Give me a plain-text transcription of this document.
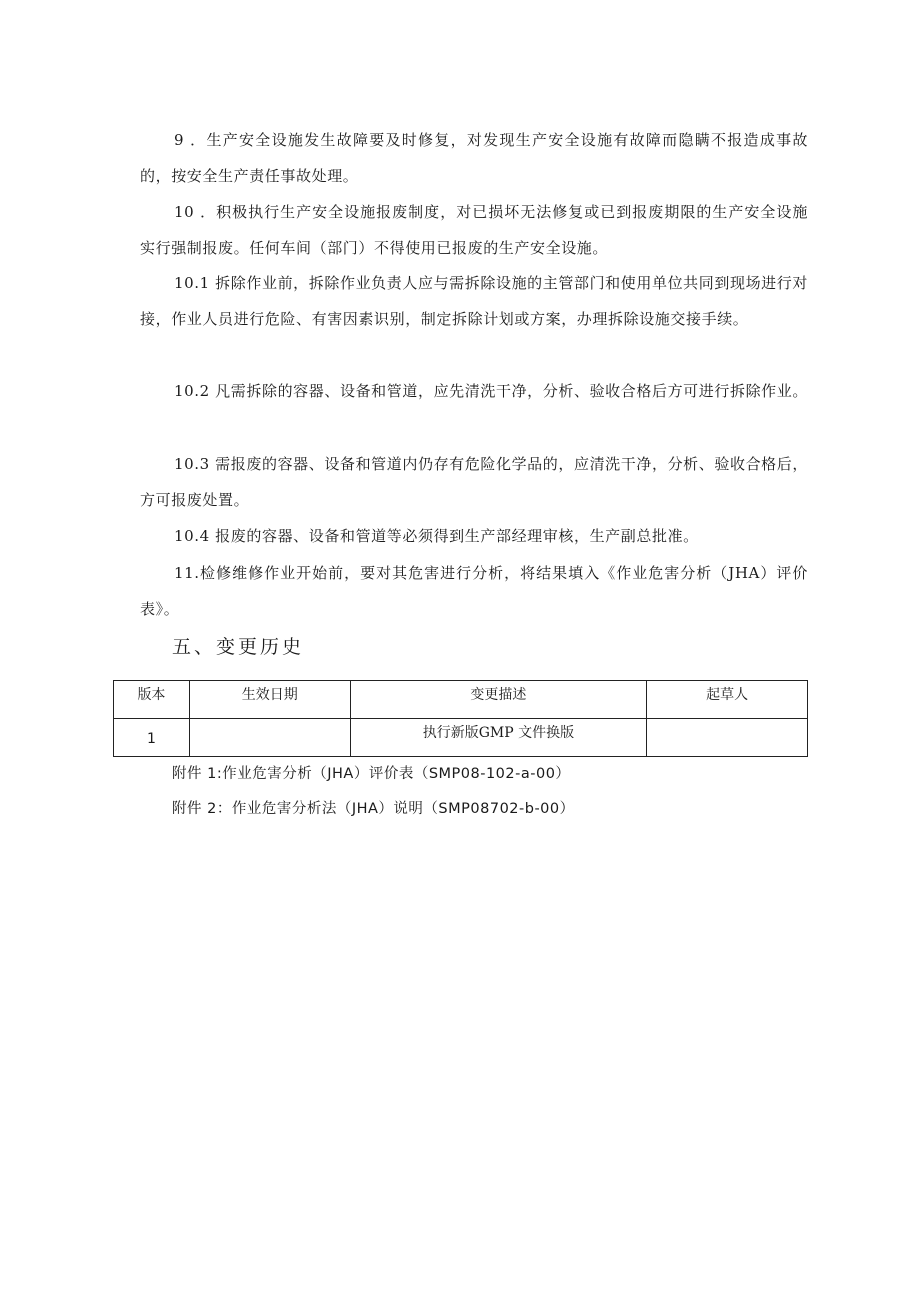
9 ．生产安全设施发生故障要及时修复，对发现生产安全设施有故障而隐瞒不报造成事故的，按安全生产责任事故处理。

10 ．积极执行生产安全设施报废制度，对已损坏无法修复或已到报废期限的生产安全设施实行强制报废。任何车间（部门）不得使用已报废的生产安全设施。

10.1 拆除作业前，拆除作业负责人应与需拆除设施的主管部门和使用单位共同到现场进行对接，作业人员进行危险、有害因素识别，制定拆除计划或方案，办理拆除设施交接手续。

10.2 凡需拆除的容器、设备和管道，应先清洗干净，分析、验收合格后方可进行拆除作业。

10.3 需报废的容器、设备和管道内仍存有危险化学品的，应清洗干净，分析、验收合格后，方可报废处置。

10.4 报废的容器、设备和管道等必须得到生产部经理审核，生产副总批准。

11.检修维修作业开始前，要对其危害进行分析，将结果填入《作业危害分析（JHA）评价表》。

五、变更历史
版本	生效日期	变更描述	起草人
1		执行新版GMP 文件换版	

附件 1:作业危害分析（JHA）评价表（SMP08-102-a-00）

附件 2：作业危害分析法（JHA）说明（SMP08702-b-00）
